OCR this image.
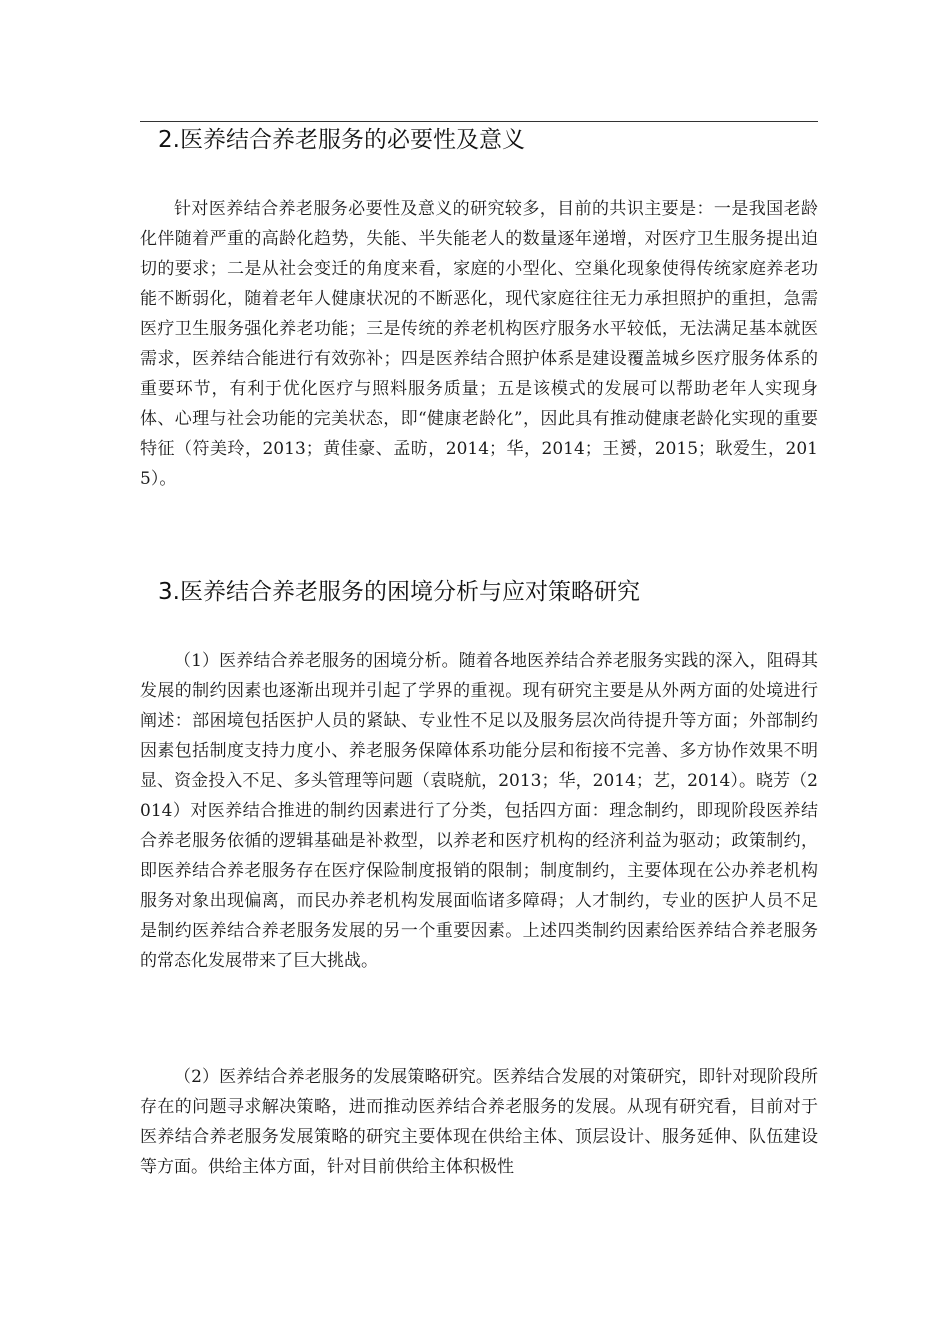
2.医养结合养老服务的必要性及意义

针对医养结合养老服务必要性及意义的研究较多，目前的共识主要是：一是我国老龄化伴随着严重的高龄化趋势，失能、半失能老人的数量逐年递增，对医疗卫生服务提出迫切的要求；二是从社会变迁的角度来看，家庭的小型化、空巢化现象使得传统家庭养老功能不断弱化，随着老年人健康状况的不断恶化，现代家庭往往无力承担照护的重担，急需医疗卫生服务强化养老功能；三是传统的养老机构医疗服务水平较低，无法满足基本就医需求，医养结合能进行有效弥补；四是医养结合照护体系是建设覆盖城乡医疗服务体系的重要环节，有利于优化医疗与照料服务质量；五是该模式的发展可以帮助老年人实现身体、心理与社会功能的完美状态，即“健康老龄化”，因此具有推动健康老龄化实现的重要特征（符美玲，2013；黄佳豪、孟昉，2014；华，2014；王赟，2015；耿爱生，2015）。

3.医养结合养老服务的困境分析与应对策略研究

（1）医养结合养老服务的困境分析。随着各地医养结合养老服务实践的深入，阻碍其发展的制约因素也逐渐出现并引起了学界的重视。现有研究主要是从外两方面的处境进行阐述：部困境包括医护人员的紧缺、专业性不足以及服务层次尚待提升等方面；外部制约因素包括制度支持力度小、养老服务保障体系功能分层和衔接不完善、多方协作效果不明显、资金投入不足、多头管理等问题（袁晓航，2013；华，2014；艺，2014）。晓芳（2014）对医养结合推进的制约因素进行了分类，包括四方面：理念制约，即现阶段医养结合养老服务依循的逻辑基础是补救型，以养老和医疗机构的经济利益为驱动；政策制约，即医养结合养老服务存在医疗保险制度报销的限制；制度制约，主要体现在公办养老机构服务对象出现偏离，而民办养老机构发展面临诸多障碍；人才制约，专业的医护人员不足是制约医养结合养老服务发展的另一个重要因素。上述四类制约因素给医养结合养老服务的常态化发展带来了巨大挑战。

（2）医养结合养老服务的发展策略研究。医养结合发展的对策研究，即针对现阶段所存在的问题寻求解决策略，进而推动医养结合养老服务的发展。从现有研究看，目前对于医养结合养老服务发展策略的研究主要体现在供给主体、顶层设计、服务延伸、队伍建设等方面。供给主体方面，针对目前供给主体积极性
